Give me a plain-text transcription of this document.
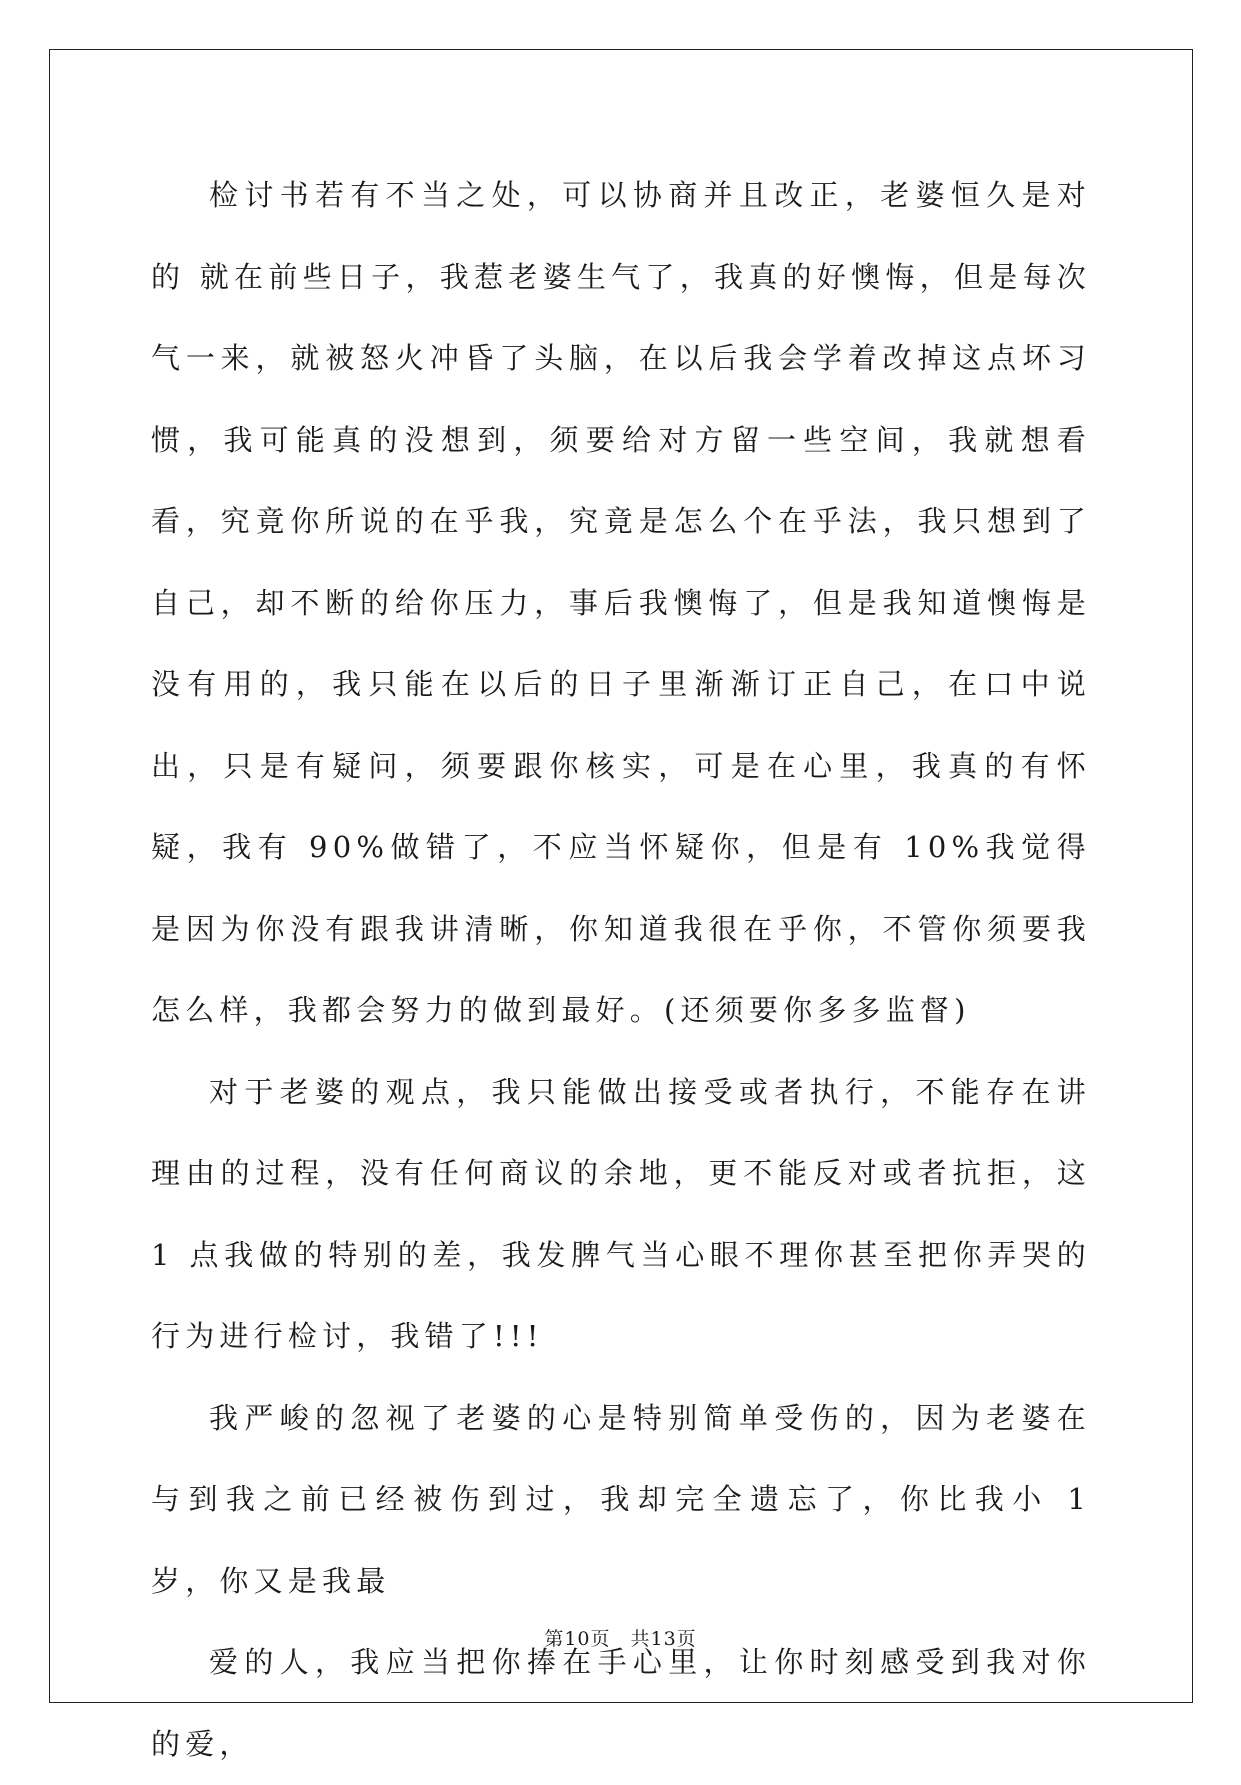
检讨书若有不当之处，可以协商并且改正，老婆恒久是对的 就在前些日子，我惹老婆生气了，我真的好懊悔，但是每次气一来，就被怒火冲昏了头脑，在以后我会学着改掉这点坏习惯，我可能真的没想到，须要给对方留一些空间，我就想看看，究竟你所说的在乎我，究竟是怎么个在乎法，我只想到了自己，却不断的给你压力，事后我懊悔了，但是我知道懊悔是没有用的，我只能在以后的日子里渐渐订正自己，在口中说出，只是有疑问，须要跟你核实，可是在心里，我真的有怀疑，我有 90%做错了，不应当怀疑你，但是有 10%我觉得是因为你没有跟我讲清晰，你知道我很在乎你，不管你须要我怎么样，我都会努力的做到最好。(还须要你多多监督)

对于老婆的观点，我只能做出接受或者执行，不能存在讲理由的过程，没有任何商议的余地，更不能反对或者抗拒，这 1 点我做的特别的差，我发脾气当心眼不理你甚至把你弄哭的行为进行检讨，我错了!!!

我严峻的忽视了老婆的心是特别简单受伤的，因为老婆在与到我之前已经被伤到过，我却完全遗忘了，你比我小 1 岁，你又是我最

爱的人，我应当把你捧在手心里，让你时刻感受到我对你的爱，

第10页 共13页
